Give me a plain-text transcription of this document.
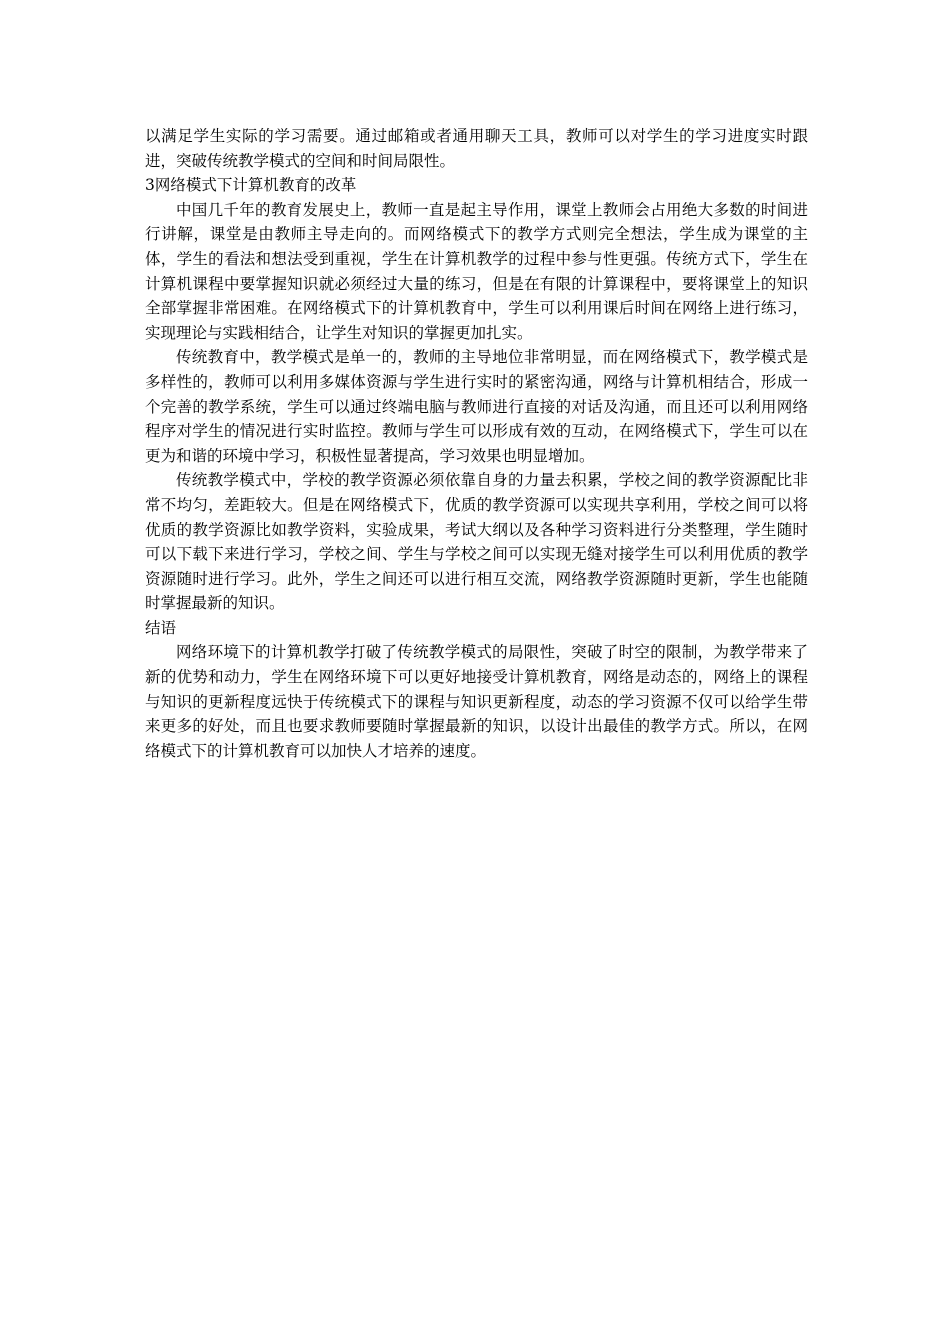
以满足学生实际的学习需要。通过邮箱或者通用聊天工具，教师可以对学生的学习进度实时跟进，突破传统教学模式的空间和时间局限性。

3网络模式下计算机教育的改革

中国几千年的教育发展史上，教师一直是起主导作用，课堂上教师会占用绝大多数的时间进行讲解，课堂是由教师主导走向的。而网络模式下的教学方式则完全想法，学生成为课堂的主体，学生的看法和想法受到重视，学生在计算机教学的过程中参与性更强。传统方式下，学生在计算机课程中要掌握知识就必须经过大量的练习，但是在有限的计算课程中，要将课堂上的知识全部掌握非常困难。在网络模式下的计算机教育中，学生可以利用课后时间在网络上进行练习，实现理论与实践相结合，让学生对知识的掌握更加扎实。

传统教育中，教学模式是单一的，教师的主导地位非常明显，而在网络模式下，教学模式是多样性的，教师可以利用多媒体资源与学生进行实时的紧密沟通，网络与计算机相结合，形成一个完善的教学系统，学生可以通过终端电脑与教师进行直接的对话及沟通，而且还可以利用网络程序对学生的情况进行实时监控。教师与学生可以形成有效的互动，在网络模式下，学生可以在更为和谐的环境中学习，积极性显著提高，学习效果也明显增加。

传统教学模式中，学校的教学资源必须依靠自身的力量去积累，学校之间的教学资源配比非常不均匀，差距较大。但是在网络模式下，优质的教学资源可以实现共享利用，学校之间可以将优质的教学资源比如教学资料，实验成果，考试大纲以及各种学习资料进行分类整理，学生随时可以下载下来进行学习，学校之间、学生与学校之间可以实现无缝对接学生可以利用优质的教学资源随时进行学习。此外，学生之间还可以进行相互交流，网络教学资源随时更新，学生也能随时掌握最新的知识。

结语

网络环境下的计算机教学打破了传统教学模式的局限性，突破了时空的限制，为教学带来了新的优势和动力，学生在网络环境下可以更好地接受计算机教育，网络是动态的，网络上的课程与知识的更新程度远快于传统模式下的课程与知识更新程度，动态的学习资源不仅可以给学生带来更多的好处，而且也要求教师要随时掌握最新的知识，以设计出最佳的教学方式。所以，在网络模式下的计算机教育可以加快人才培养的速度。
